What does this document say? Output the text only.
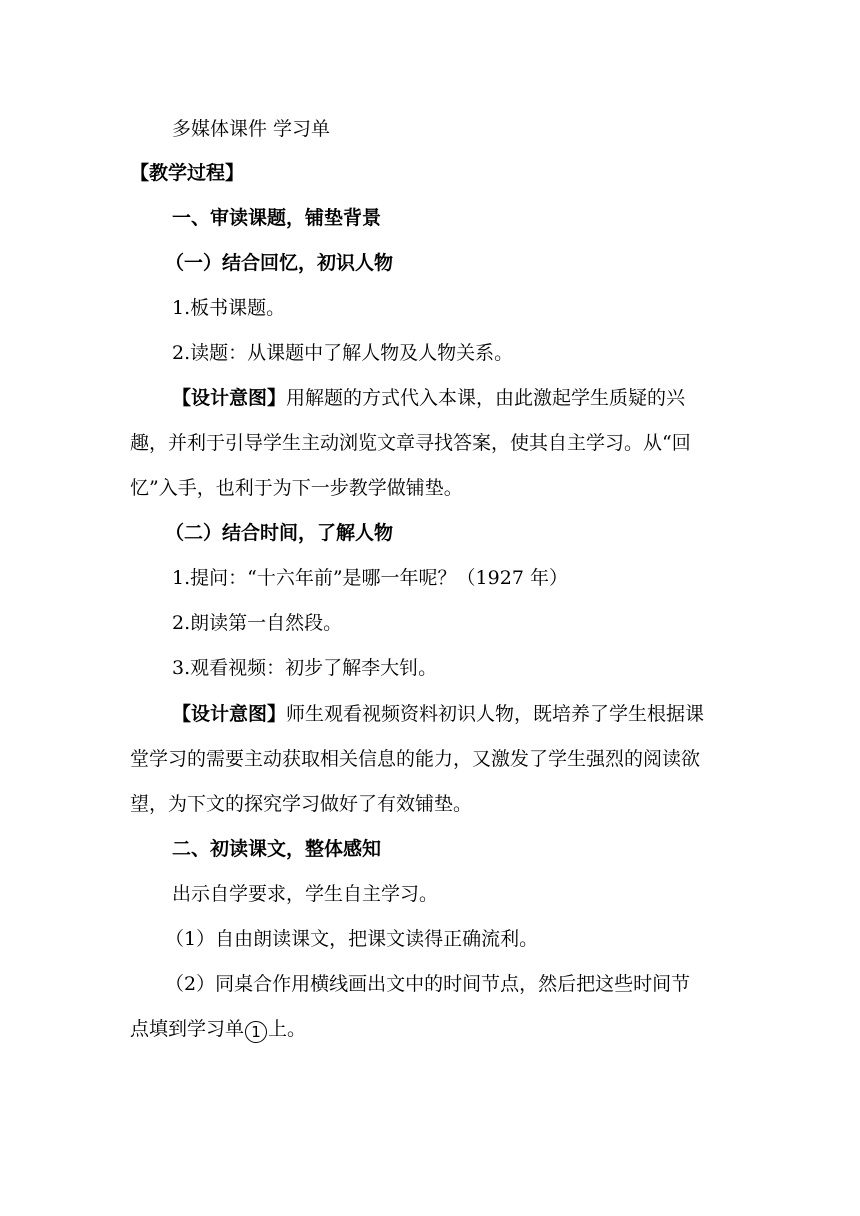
多媒体课件 学习单
【教学过程】
一、审读课题，铺垫背景
（一）结合回忆，初识人物
1.板书课题。
2.读题：从课题中了解人物及人物关系。
【设计意图】用解题的方式代入本课，由此激起学生质疑的兴
趣，并利于引导学生主动浏览文章寻找答案，使其自主学习。从“回
忆”入手，也利于为下一步教学做铺垫。
（二）结合时间，了解人物
1.提问：“十六年前”是哪一年呢？（1927 年）
2.朗读第一自然段。
3.观看视频：初步了解李大钊。
【设计意图】师生观看视频资料初识人物，既培养了学生根据课
堂学习的需要主动获取相关信息的能力，又激发了学生强烈的阅读欲
望，为下文的探究学习做好了有效铺垫。
二、初读课文，整体感知
出示自学要求，学生自主学习。
（1）自由朗读课文，把课文读得正确流利。
（2）同桌合作用横线画出文中的时间节点，然后把这些时间节
点填到学习单 1 上。
